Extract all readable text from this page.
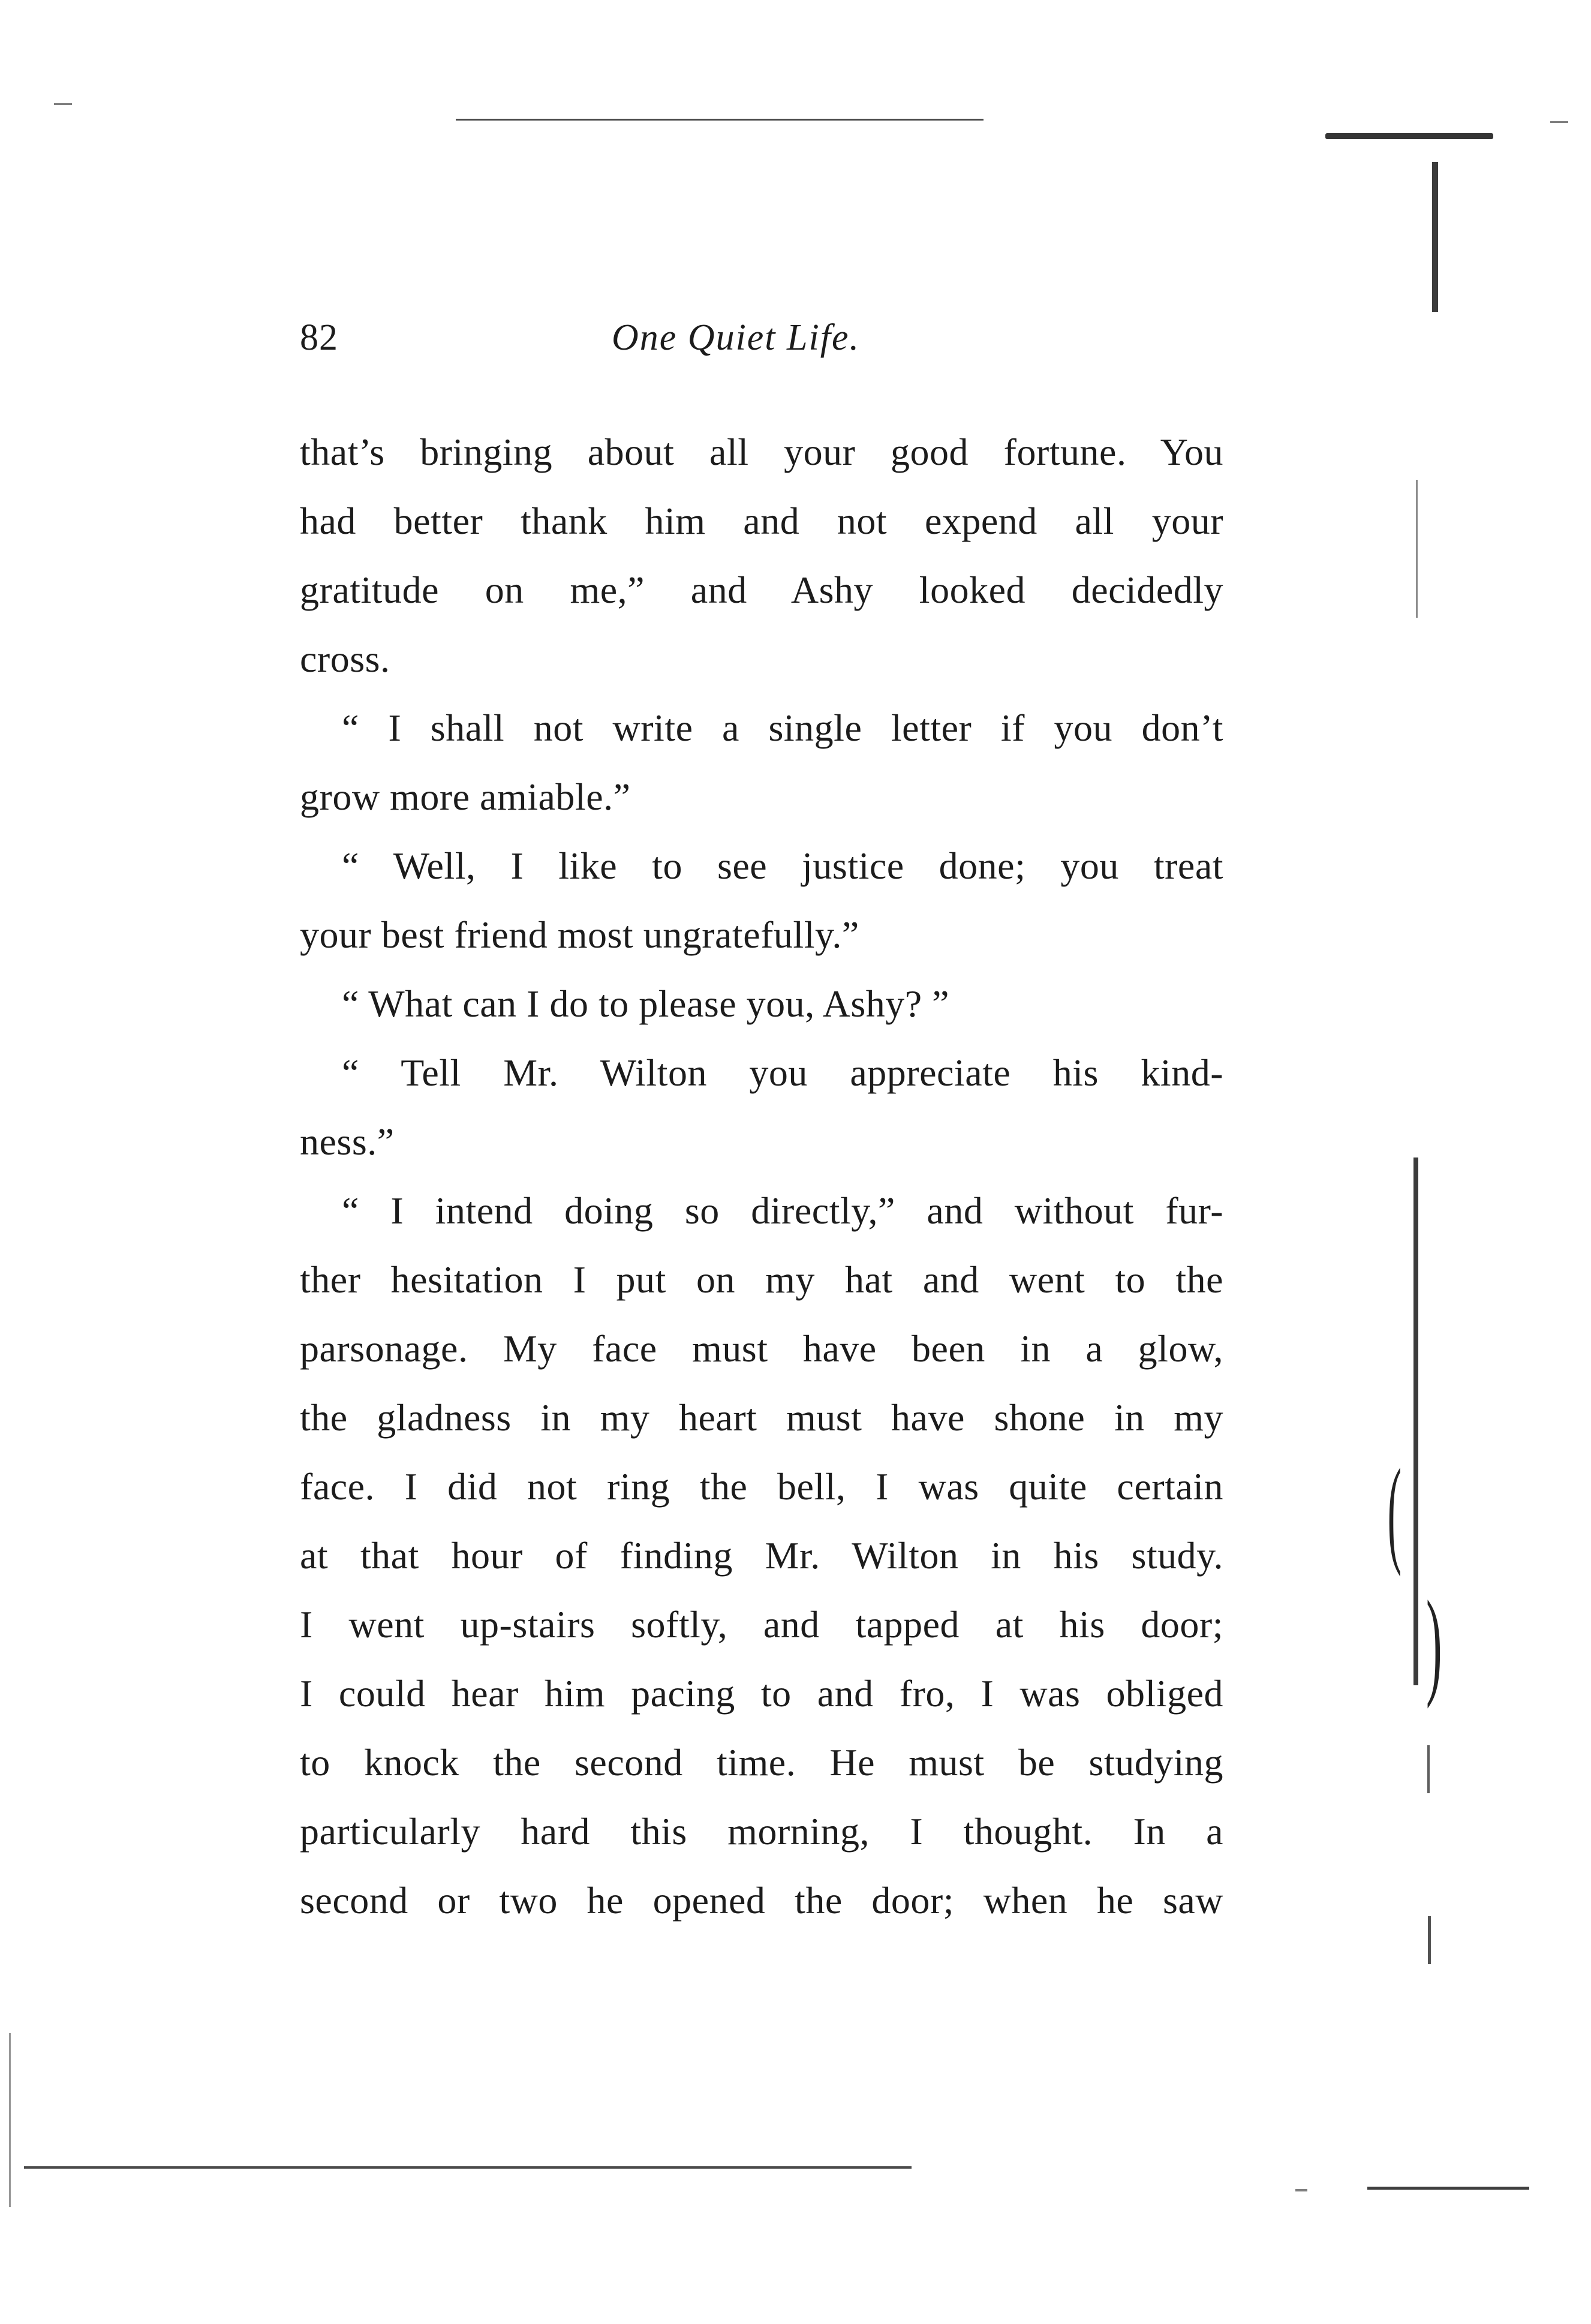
(
)
82	One Quiet Life.
that’s bringing about all your good fortune. You
had better thank him and not expend all your
gratitude on me,” and Ashy looked decidedly
cross.
“ I shall not write a single letter if you don’t
grow more amiable.”
“ Well, I like to see justice done; you treat
your best friend most ungratefully.”
“ What can I do to please you, Ashy? ”
“ Tell Mr. Wilton you appreciate his kind-
ness.”
“ I intend doing so directly,” and without fur-
ther hesitation I put on my hat and went to the
parsonage. My face must have been in a glow,
the gladness in my heart must have shone in my
face. I did not ring the bell, I was quite certain
at that hour of finding Mr. Wilton in his study.
I went up-stairs softly, and tapped at his door;
I could hear him pacing to and fro, I was obliged
to knock the second time. He must be studying
particularly hard this morning, I thought. In a
second or two he opened the door; when he saw
